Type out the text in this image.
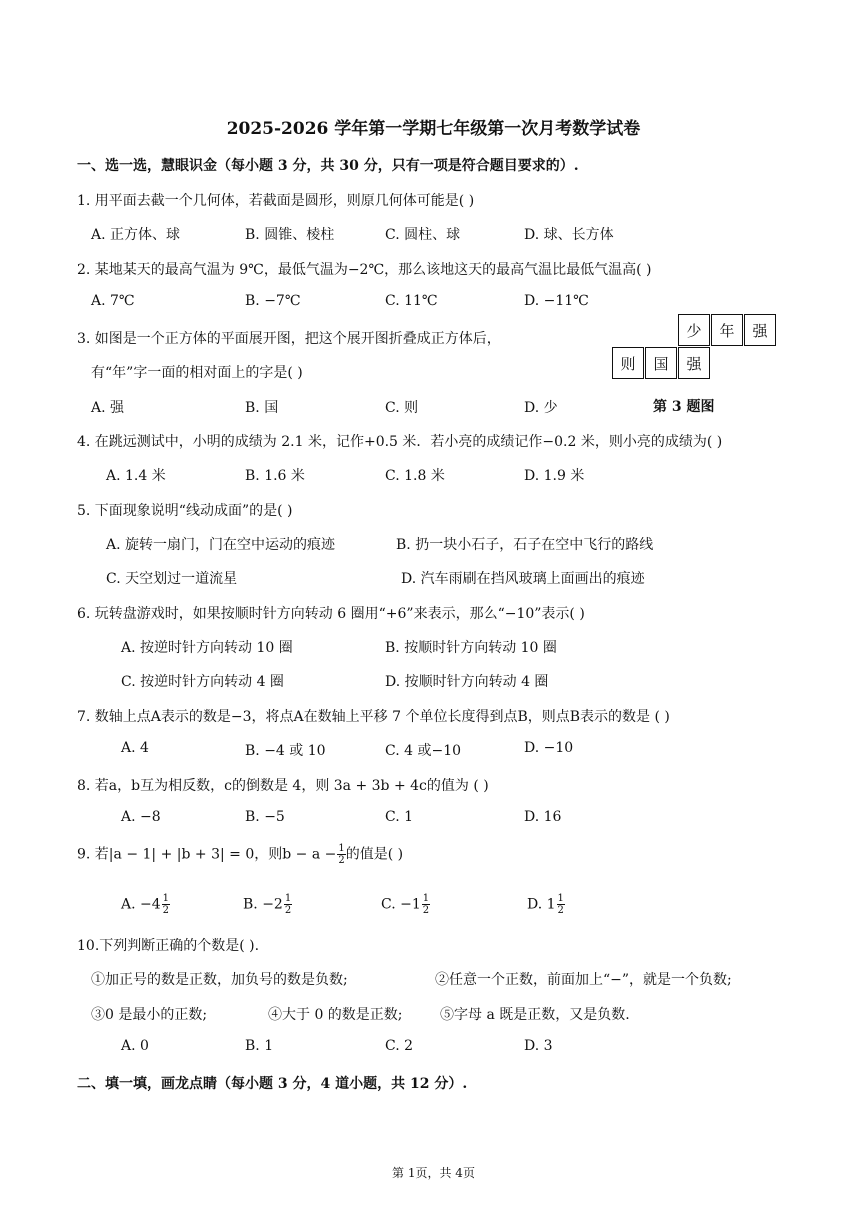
2025-2026 学年第一学期七年级第一次月考数学试卷
一、选一选，慧眼识金（每小题 3 分，共 30 分，只有一项是符合题目要求的）.
1. 用平面去截一个几何体，若截面是圆形，则原几何体可能是( )
A. 正方体、球	B. 圆锥、棱柱	C. 圆柱、球	D. 球、长方体
2. 某地某天的最高气温为 9℃，最低气温为−2℃，那么该地这天的最高气温比最低气温高( )
A. 7℃	B. −7℃	C. 11℃	D. −11℃
3. 如图是一个正方体的平面展开图，把这个展开图折叠成正方体后，
有“年”字一面的相对面上的字是( )
A. 强	B. 国	C. 则	D. 少
少	年	强
则	国	强
第 3 题图
4. 在跳远测试中，小明的成绩为 2.1 米，记作+0.5 米．若小亮的成绩记作−0.2 米，则小亮的成绩为( )
A. 1.4 米	B. 1.6 米	C. 1.8 米	D. 1.9 米
5. 下面现象说明“线动成面”的是( )
A. 旋转一扇门，门在空中运动的痕迹	B. 扔一块小石子，石子在空中飞行的路线
C. 天空划过一道流星	D. 汽车雨刷在挡风玻璃上面画出的痕迹
6. 玩转盘游戏时，如果按顺时针方向转动 6 圈用“+6”来表示，那么“−10”表示( )
A. 按逆时针方向转动 10 圈	B. 按顺时针方向转动 10 圈
C. 按逆时针方向转动 4 圈	D. 按顺时针方向转动 4 圈
7. 数轴上点A表示的数是−3，将点A在数轴上平移 7 个单位长度得到点B，则点B表示的数是 ( )
A. 4	B. −4 或 10	C. 4 或−10	D. −10
8. 若a，b互为相反数，c的倒数是 4，则 3a + 3b + 4c的值为 ( )
A. −8	B. −5	C. 1	D. 16
9. 若|a − 1| + |b + 3| = 0，则$b - a - \frac{1}{2}$ 的值是( )
A. $-4 \frac{1}{2}$	B. $-2 \frac{1}{2}$	C. $-1 \frac{1}{2}$	D. $1 \frac{1}{2}$
10.下列判断正确的个数是( ).
①加正号的数是正数，加负号的数是负数;	②任意一个正数，前面加上“−”，就是一个负数;
③0 是最小的正数;	④大于 0 的数是正数;	⑤字母 a 既是正数，又是负数.
A. 0	B. 1	C. 2	D. 3
二、填一填，画龙点睛（每小题 3 分，4 道小题，共 12 分）.
第 1页，共 4页
